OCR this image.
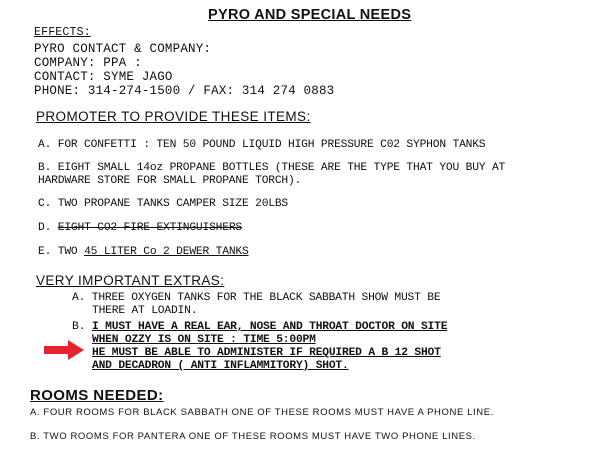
PYRO AND SPECIAL NEEDS
EFFECTS:
PYRO CONTACT & COMPANY:
COMPANY: PPA :
CONTACT: SYME JAGO
PHONE: 314-274-1500 / FAX: 314 274 0883
PROMOTER TO PROVIDE THESE ITEMS:
A. FOR CONFETTI : TEN 50 POUND LIQUID HIGH PRESSURE C02 SYPHON TANKS
B. EIGHT SMALL 14oz PROPANE BOTTLES (THESE ARE THE TYPE THAT YOU BUY AT
HARDWARE STORE FOR SMALL PROPANE TORCH).
C. TWO PROPANE TANKS CAMPER SIZE 20LBS
D. EIGHT CO2 FIRE EXTINGUISHERS
E. TWO 45 LITER Co 2 DEWER TANKS
VERY IMPORTANT EXTRAS:
A. THREE OXYGEN TANKS FOR THE BLACK SABBATH SHOW MUST BE
THERE AT LOADIN.
B. I MUST HAVE A REAL EAR, NOSE AND THROAT DOCTOR ON SITE
WHEN OZZY IS ON SITE : TIME 5:00PM
HE MUST BE ABLE TO ADMINISTER IF REQUIRED A B 12 SHOT
AND DECADRON ( ANTI INFLAMMITORY) SHOT.
ROOMS NEEDED:
A. FOUR ROOMS FOR BLACK SABBATH ONE OF THESE ROOMS MUST HAVE A PHONE LINE.
B. TWO ROOMS FOR PANTERA ONE OF THESE ROOMS MUST HAVE TWO PHONE LINES.
